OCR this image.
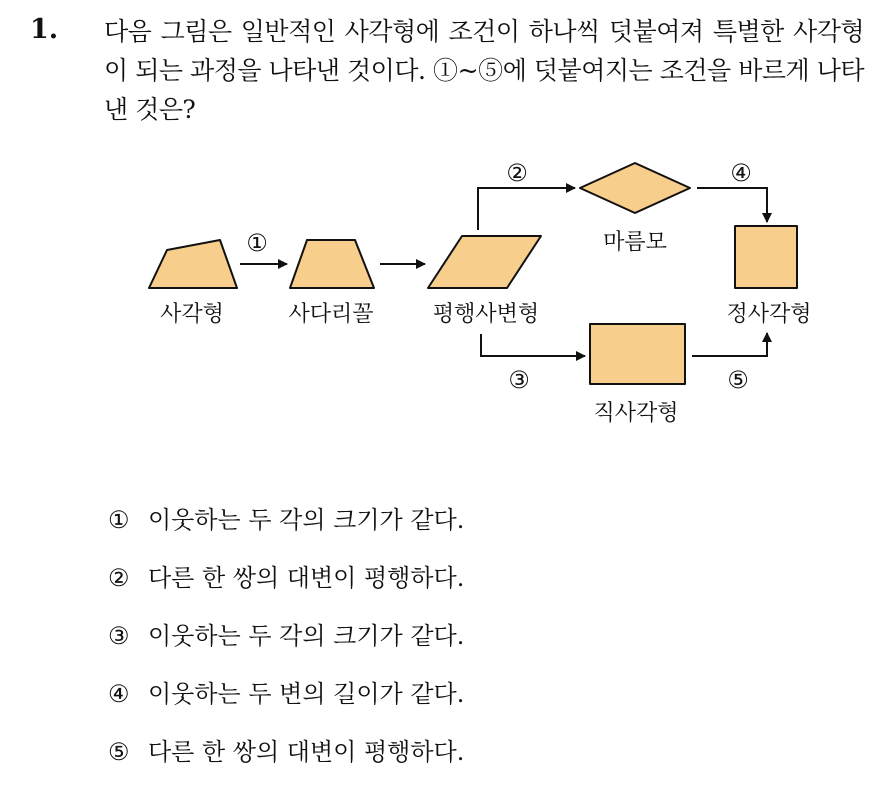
1. 다음 그림은 일반적인 사각형에 조건이 하나씩 덧붙여져 특별한 사각형이 되는 과정을 나타낸 것이다. ①~⑤에 덧붙여지는 조건을 바르게 나타낸 것은?

①
②
③
④
⑤
사각형	사다리꼴	평행사변형
마름모
직사각형
정사각형
① 이웃하는 두 각의 크기가 같다.
② 다른 한 쌍의 대변이 평행하다.
③ 이웃하는 두 각의 크기가 같다.
④ 이웃하는 두 변의 길이가 같다.
⑤ 다른 한 쌍의 대변이 평행하다.
